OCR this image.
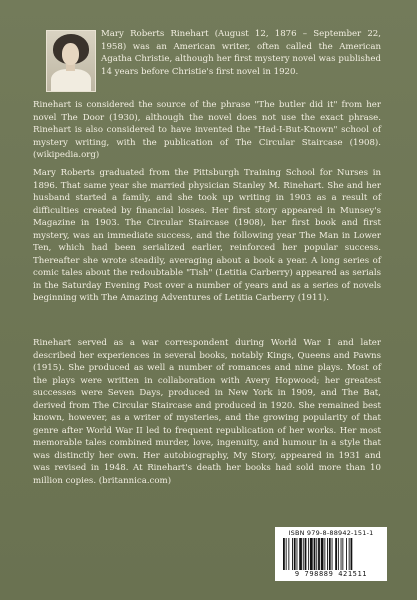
Mary Roberts Rinehart (August 12, 1876 – September 22, 1958) was an American writer, often called the American Agatha Christie, although her first mystery novel was published 14 years before Christie's first novel in 1920.

Rinehart is considered the source of the phrase "The butler did it" from her novel The Door (1930), although the novel does not use the exact phrase. Rinehart is also considered to have invented the "Had-I-But-Known" school of mystery writing, with the publication of The Circular Staircase (1908). (wikipedia.org)

Mary Roberts graduated from the Pittsburgh Training School for Nurses in 1896. That same year she married physician Stanley M. Rinehart. She and her husband started a family, and she took up writing in 1903 as a result of difficulties created by financial losses. Her first story appeared in Munsey's Magazine in 1903. The Circular Staircase (1908), her first book and first mystery, was an immediate success, and the following year The Man in Lower Ten, which had been serialized earlier, reinforced her popular success. Thereafter she wrote steadily, averaging about a book a year. A long series of comic tales about the redoubtable "Tish" (Letitia Carberry) appeared as serials in the Saturday Evening Post over a number of years and as a series of novels beginning with The Amazing Adventures of Letitia Carberry (1911).

Rinehart served as a war correspondent during World War I and later described her experiences in several books, notably Kings, Queens and Pawns (1915). She produced as well a number of romances and nine plays. Most of the plays were written in collaboration with Avery Hopwood; her greatest successes were Seven Days, produced in New York in 1909, and The Bat, derived from The Circular Staircase and produced in 1920. She remained best known, however, as a writer of mysteries, and the growing popularity of that genre after World War II led to frequent republication of her works. Her most memorable tales combined murder, love, ingenuity, and humour in a style that was distinctly her own. Her autobiography, My Story, appeared in 1931 and was revised in 1948. At Rinehart's death her books had sold more than 10 million copies. (britannica.com)

ISBN 979-8-88942-151-1
9 798889 421511
